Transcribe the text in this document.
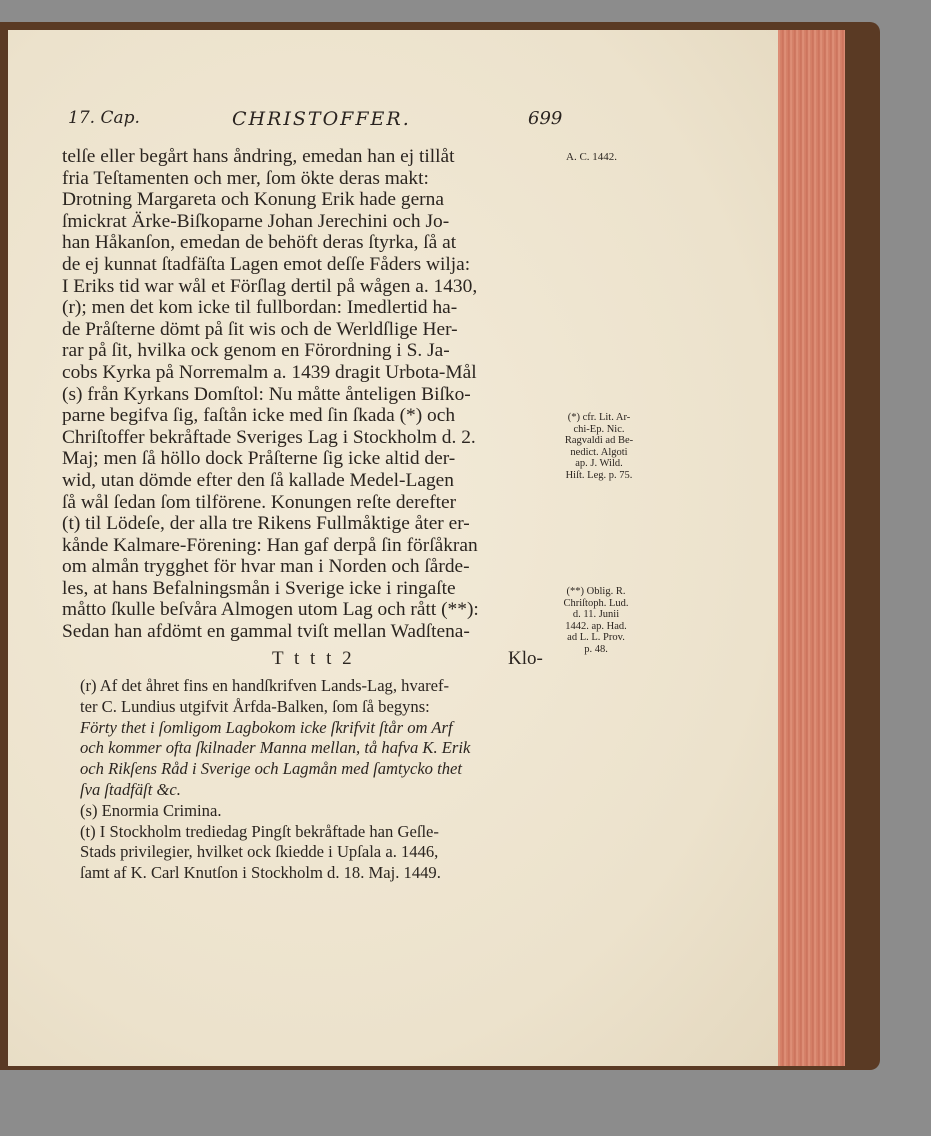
17. Cap.	CHRISTOFFER.	699
A. C. 1442.
telſe eller begårt hans åndring, emedan han ej tillåt
fria Teſtamenten och mer, ſom ökte deras makt:
Drotning Margareta och Konung Erik hade gerna
ſmickrat Ärke-Biſkoparne Johan Jerechini och Jo-
han Håkanſon, emedan de behöft deras ſtyrka, ſå at
de ej kunnat ſtadfäſta Lagen emot deſſe Fåders wilja:
I Eriks tid war wål et Förſlag dertil på wågen a. 1430,
(r); men det kom icke til fullbordan: Imedlertid ha-
de Pråſterne dömt på ſit wis och de Werldſlige Her-
rar på ſit, hvilka ock genom en Förordning i S. Ja-
cobs Kyrka på Norremalm a. 1439 dragit Urbota-Mål
(s) från Kyrkans Domſtol: Nu måtte ånteligen Biſko-
parne begifva ſig, faſtån icke med ſin ſkada (*) och
Chriſtoffer bekråftade Sveriges Lag i Stockholm d. 2.
Maj; men ſå höllo dock Pråſterne ſig icke altid der-
wid, utan dömde efter den ſå kallade Medel-Lagen
ſå wål ſedan ſom tilförene. Konungen reſte derefter
(t) til Lödeſe, der alla tre Rikens Fullmåktige åter er-
kånde Kalmare-Förening: Han gaf derpå ſin förſåkran
om almån trygghet för hvar man i Norden och ſårde-
les, at hans Befalningsmån i Sverige icke i ringaſte
måtto ſkulle beſvåra Almogen utom Lag och rått (**):
Sedan han afdömt en gammal tviſt mellan Wadſtena-
(*) cfr. Lit. Ar-
chi-Ep. Nic.
Ragvaldi ad Be-
nedict. Algoti
ap. J. Wild.
Hiſt. Leg. p. 75.
(**) Oblig. R.
Chriſtoph. Lud.
d. 11. Junii
1442. ap. Had.
ad L. L. Prov.
p. 48.
T t t t 2	Klo-
(r) Af det åhret fins en handſkrifven Lands-Lag, hvaref-
ter C. Lundius utgifvit Årfda-Balken, ſom ſå begyns:
Förty thet i ſomligom Lagbokom icke ſkrifvit ſtår om Arf
och kommer ofta ſkilnader Manna mellan, tå hafva K. Erik
och Rikſens Råd i Sverige och Lagmån med ſamtycko thet
ſva ſtadfäſt &c.
(s) Enormia Crimina.
(t) I Stockholm trediedag Pingſt bekråftade han Geſle-
Stads privilegier, hvilket ock ſkiedde i Upſala a. 1446,
ſamt af K. Carl Knutſon i Stockholm d. 18. Maj. 1449.
